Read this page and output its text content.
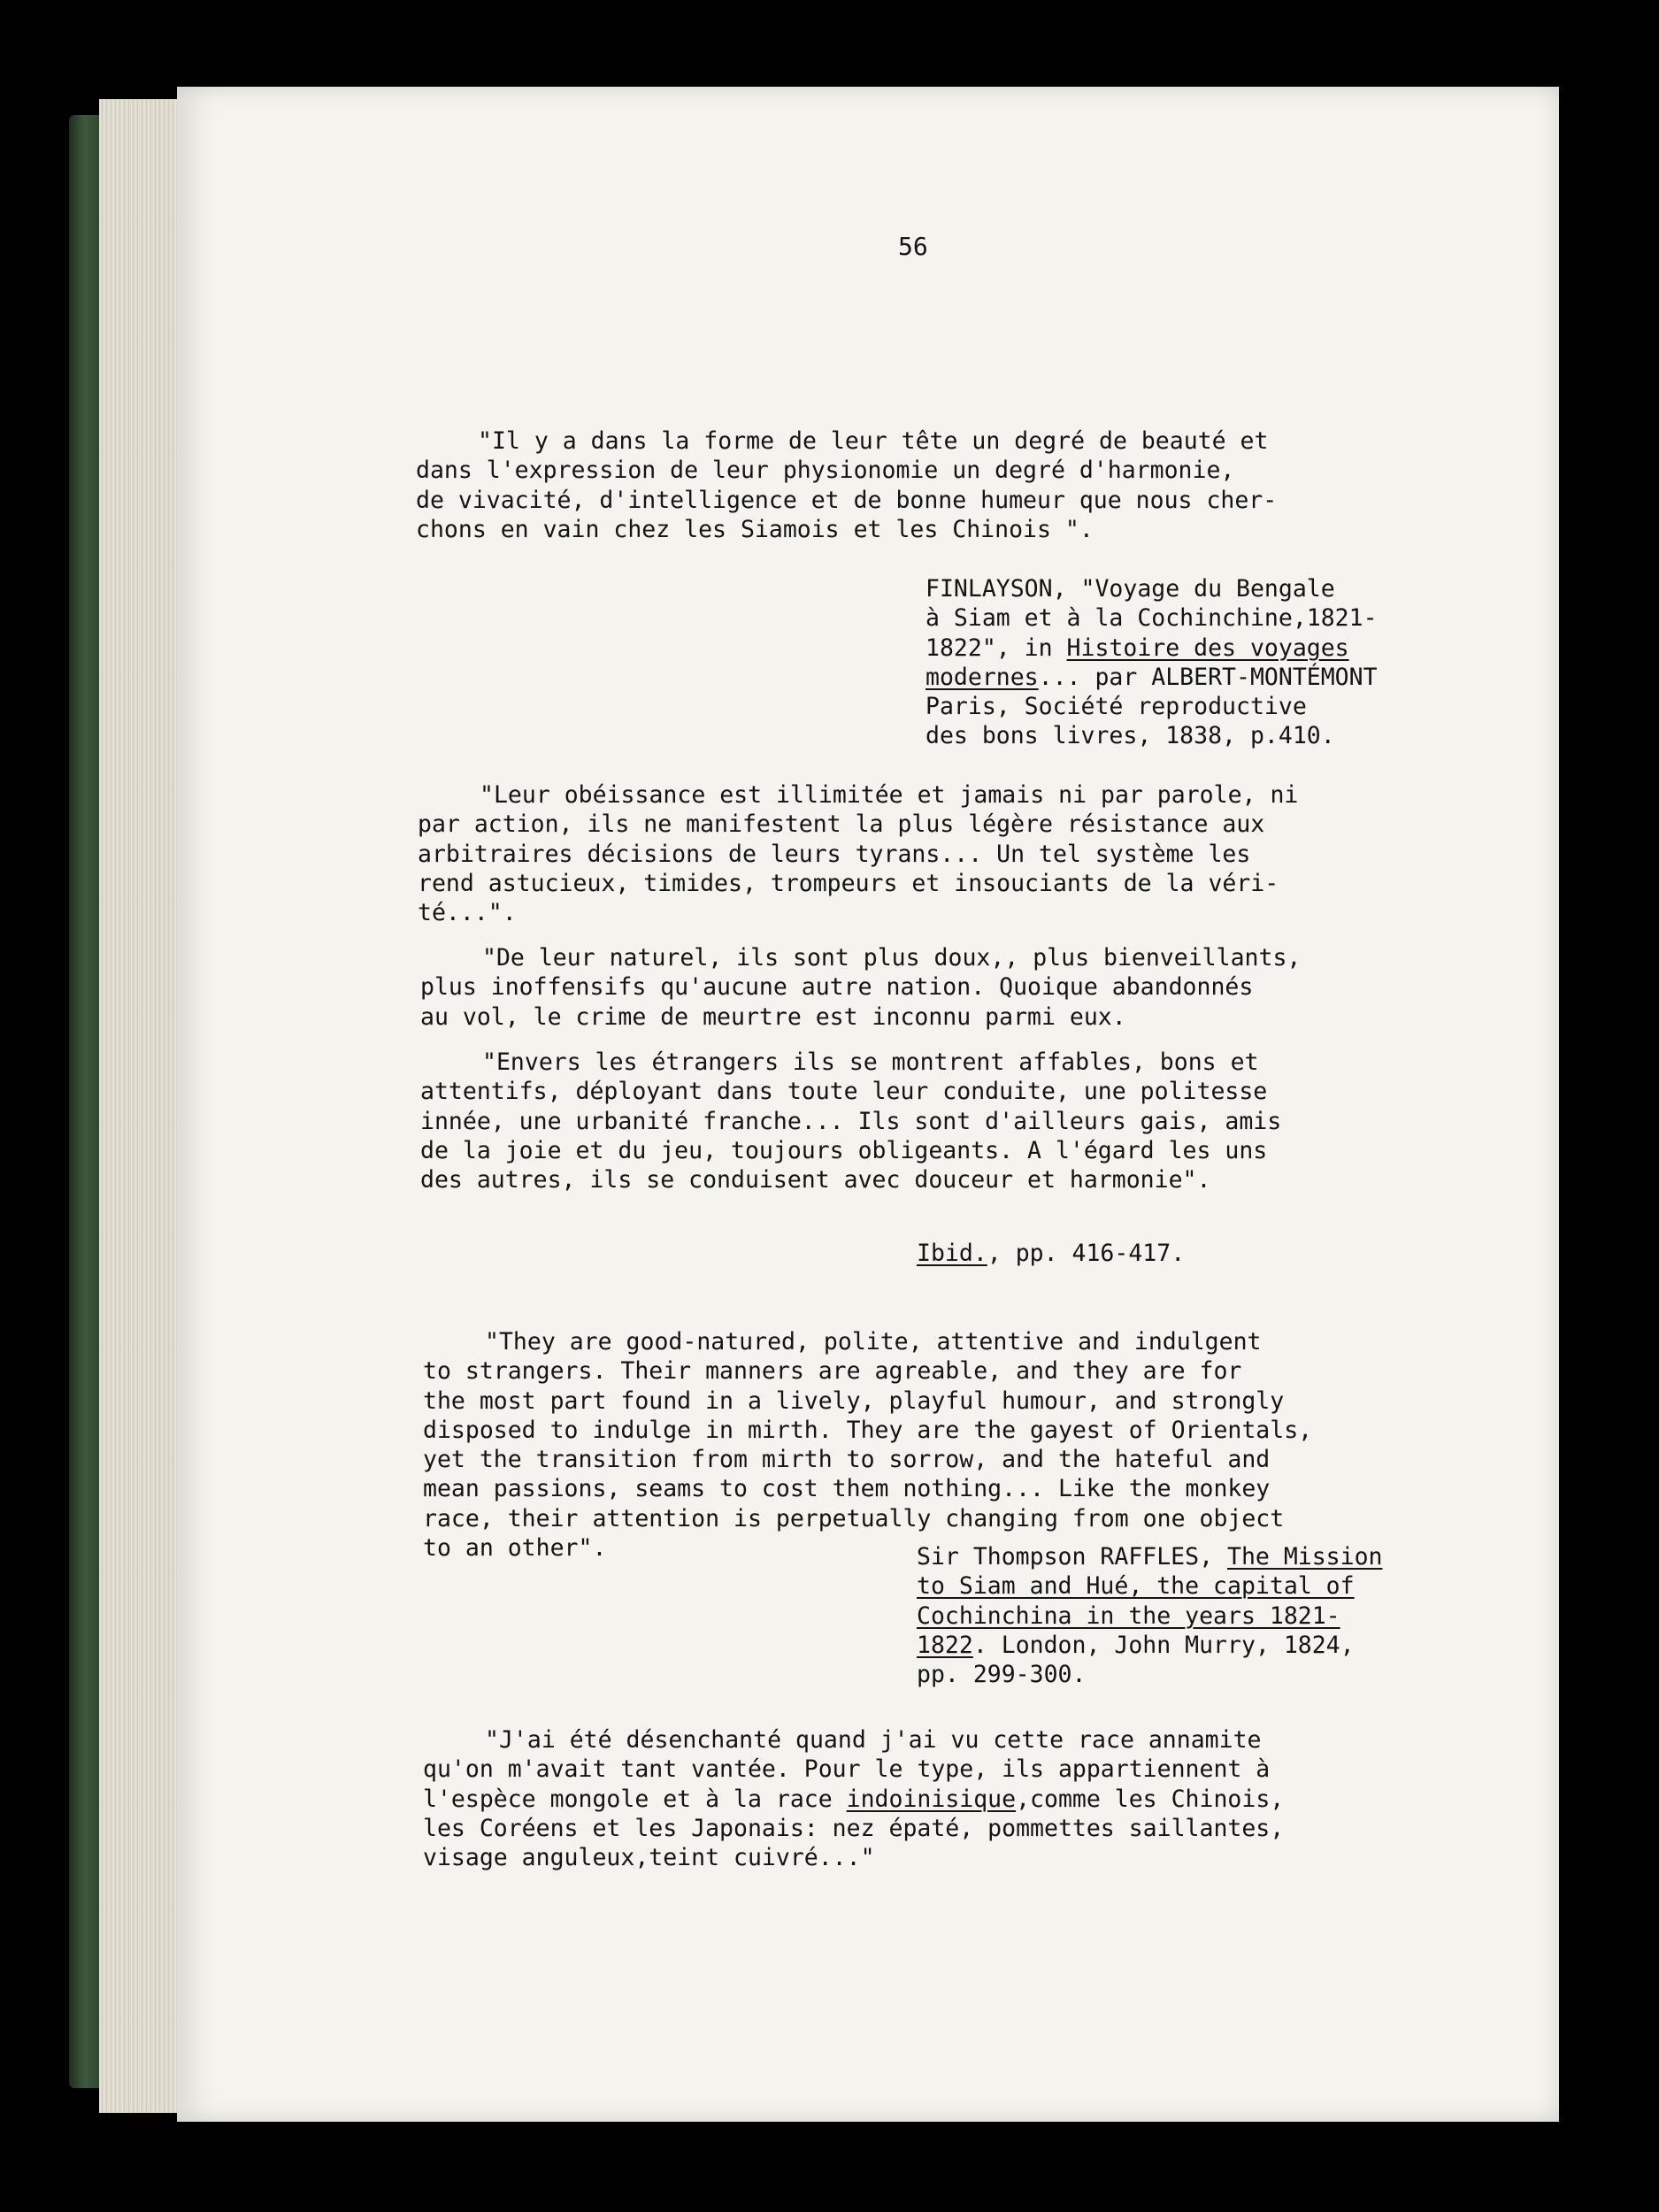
56
"Il y a dans la forme de leur tête un degré de beauté et
dans l'expression de leur physionomie un degré d'harmonie,
de vivacité, d'intelligence et de bonne humeur que nous cher-
chons en vain chez les Siamois et les Chinois ".
FINLAYSON, "Voyage du Bengale
à Siam et à la Cochinchine,1821-
1822", in Histoire des voyages
modernes... par ALBERT-MONTÉMONT
Paris, Société reproductive
des bons livres, 1838, p.410.
"Leur obéissance est illimitée et jamais ni par parole, ni
par action, ils ne manifestent la plus légère résistance aux
arbitraires décisions de leurs tyrans... Un tel système les
rend astucieux, timides, trompeurs et insouciants de la véri-
té...".
"De leur naturel, ils sont plus doux,, plus bienveillants,
plus inoffensifs qu'aucune autre nation. Quoique abandonnés
au vol, le crime de meurtre est inconnu parmi eux.
"Envers les étrangers ils se montrent affables, bons et
attentifs, déployant dans toute leur conduite, une politesse
innée, une urbanité franche... Ils sont d'ailleurs gais, amis
de la joie et du jeu, toujours obligeants. A l'égard les uns
des autres, ils se conduisent avec douceur et harmonie".
Ibid., pp. 416-417.
"They are good-natured, polite, attentive and indulgent
to strangers. Their manners are agreable, and they are for
the most part found in a lively, playful humour, and strongly
disposed to indulge in mirth. They are the gayest of Orientals,
yet the transition from mirth to sorrow, and the hateful and
mean passions, seams to cost them nothing... Like the monkey
race, their attention is perpetually changing from one object
to an other".	Sir Thompson RAFFLES, The Mission
to Siam and Hué, the capital of
Cochinchina in the years 1821-
1822. London, John Murry, 1824,
pp. 299-300.
"J'ai été désenchanté quand j'ai vu cette race annamite
qu'on m'avait tant vantée. Pour le type, ils appartiennent à
l'espèce mongole et à la race indoinisique,comme les Chinois,
les Coréens et les Japonais: nez épaté, pommettes saillantes,
visage anguleux,teint cuivré..."
